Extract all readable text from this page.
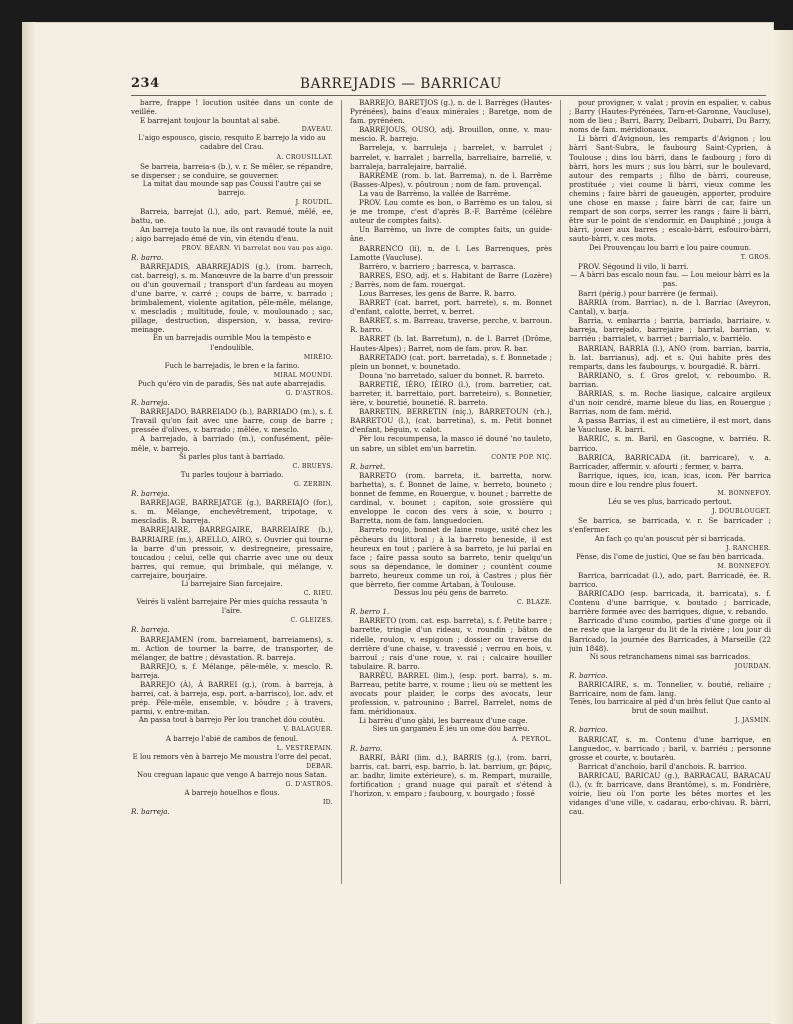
234	BARREJADIS — BARRICAU

barre, frappe ! locution usitée dans un conte de veillée.

E barrejant toujour la bountat al sabé.

DAVEAU.

L'aigo espousco, giscio, resquito E barrejo la vido au cadabre del Crau.

A. CROUSILLAT.

Se barreia, barreia-s (b.), v. r. Se mêler, se répandre, se disperser ; se conduire, se gouverner.

La mitat dau mounde sap pas Coussi l'autre çai se barrejo.

J. ROUDIL.

Barreia, barrejat (l.), ado, part. Remué, mêlé, ee, battu, ue.

An barreja touto la nue, ils ont ravaudé toute la nuit ; aigo barrejado émé de vin, vin étendu d'eau.

PROV. BÉARN. Vi barrelat nou vau pas aigo.

R. barro.

BARREJADIS, ABARREJADIS (g.), (rom. barrech, cat. barreig), s. m. Manœuvre de la barre d'un pressoir ou d'un gouvernail ; transport d'un fardeau au moyen d'une barre, v. carré ; coups de barre, v. barrado ; brimbalement, violente agitation, pêle-mêle, mélange, v. mescladis ; multitude, foule, v. moulounado ; sac, pillage, destruction, dispersion, v. bassa, reviro-meinage.

En un barrejadis ourrible Mou la tempèsto e l'endoulible.

MIRÈIO.

Fuch le barrejadis, le bren e la farino.

MIRAL MOUNDI.

Puch qu'éro vin de paradis, Sès nat aute abarrejadis.

G. D'ASTROS.

R. barreja.

BARREJADO, BARREIADO (b.), BARRIADO (m.), s. f. Travail qu'on fait avec une barre, coup de barre ; pressée d'olives, v. barrado ; mêlée, v. mesclo.

A barrejado, à barriado (m.), confusément, pêle-mêle, v. barrejo.

Si parles plus tant à barriado.

C. BRUEYS.

Tu parles toujour à barriado.

G. ZERBIN.

R. barreja.

BARREJAGE, BARREJATGE (g.), BARREIAJO (for.), s. m. Mélange, enchevêtrement, tripotage, v. mescladis. R. barreja.

BARREJAIRE, BARREGAIRE, BARREIAIRE (b.), BARRIAIRE (m.), ARELLO, AIRO, s. Ouvrier qui tourne la barre d'un pressoir, v. destregneire, pressaire, toucadou ; celui, celle qui charrie avec une ou deux barres, qui remue, qui brimbale, qui mélange, v. carrejaire, bourjaire.

Li barrejaire Sian farcejaire.

C. RIEU.

Veirés li valènt barrejaire Pèr mies quicha ressauta 'n l'aire.

C. GLEIZES.

R. barreja.

BARREJAMEN (rom. barreiament, barreiamens), s. m. Action de tourner la barre, de transporter, de mélanger, de battre ; dévastation. R. barreja.

BARREJO, s. f. Mélange, pêle-mêle, v. mesclo. R. barreja.

BARREJO (À), À BARREI (g.), (rom. à barreja, à barrei, cat. à barreja, esp. port. a-barrisco), loc. adv. et prép. Pêle-mêle, ensemble, v. bôudre ; à travers, parmi, v. entre-mitan.

An passa tout à barrejo Pèr lou tranchet dóu coutèu.

V. BALAGUER.

A barrejo l'abié de cambos de fenoul.

L. VESTREPAIN.

E lou remors vèn à barrejo Me moustra l'orre del pecat.

DEBAR.

Nou creguan lapauc que vengo A barrejo nous Satan.

G. D'ASTROS.

A barrejo houelhos e flous.

ID.

R. barreja.

BARREJO, BARETJOS (g.), n. de l. Barrèges (Hautes-Pyrénées), bains d'eaux minérales ; Baretge, nom de fam. pyrénéen.

BARREJOUS, OUSO, adj. Brouillon, onne, v. mau-mescio. R. barrejo.

Barreleja, v. barruleja ; barrelet, v. barrulet ; barrelet, v. barralet ; barrella, barreliaire, barrelié, v. barraleja, barralejaire, barralié.

BARRÈME (rom. b. lat. Barrema), n. de l. Barrême (Basses-Alpes), v. pôutroun ; nom de fam. provençal.

La vau de Barrèmo, la vallée de Barrême.

PROV. Lou comte es bon, o Barrèmo es un talou, si je me trompe, c'est d'après B.-F. Barrême (célèbre auteur de comptes faits).

Un Barrèmo, un livre de comptes faits, un guide-âne.

BARRENCO (li), n. de l. Les Barrenques, près Lamotte (Vaucluse).

Barrèro, v. barriero ; barresca, v. barrasca.

BARRES, ESO, adj. et s. Habitant de Barre (Lozère) ; Barrès, nom de fam. rouergat.

Lous Barreses, les gens de Barre. R. barro.

BARRET (cat. barret, port. barrete), s. m. Bonnet d'enfant, calotte, berret, v. berret.

BARRET, s. m. Barreau, traverse, perche, v. barroun. R. barro.

BARRET (b. lat. Barretum), n. de l. Barret (Drôme, Hautes-Alpes) ; Barret, nom de fam. prov. R. bar.

BARRETADO (cat. port. barretada), s. f. Bonnetade ; plein un bonnet, v. bounetado.

Douna 'no barretado, saluer du bonnet. R. barreto.

BARRETIÉ, IÈRO, IÈIRO (l.), (rom. barretier, cat. barreter, it. barrettaio, port. barreteiro), s. Bonnetier, ière, v. bouretié, bounetié. R. barreto.

BARRETIN, BERRETIN (niç.), BARRETOUN (rh.), BARRETOU (l.), (cat. barretina), s. m. Petit bonnet d'enfant, béguin, v. calot.

Pèr lou recoumpensa, la masco ié douné 'no tauleto, un sabre, un siblet em'un barretin.

CONTE POP. NIÇ.

R. barret.

BARRETO (rom. barreta, it. barretta, norw. barhetta), s. f. Bonnet de laine, v. berreto, bouneto ; bonnet de femme, en Rouergue, v. bounet ; barrette de cardinal, v. bounet ; capiton, soie grossière qui enveloppe le cocon des vers à soie, v. bourro ; Barretta, nom de fam. languedocien.

Barreto roujo, bonnet de laine rouge, usité chez les pêcheurs du littoral ; à la barreto beneside, il est heureux en tout ; parlère à sa barreto, je lui parlai en face ; faire passa souto sa barreto, tenir quelqu'un sous sa dépendance, le dominer ; countènt coume barreto, heureux comme un roi, à Castres ; plus fièr que bèrreto, fier comme Artaban, à Toulouse.

Dessus lou péu gens de barreto.

C. BLAZE.

R. berro 1.

BARRETO (rom. cat. esp. barreta), s. f. Petite barre ; barrette, tringle d'un rideau, v. roundin ; bâton de ridelle, roulon, v. espigoun ; dossier ou traverse du derrière d'une chaise, v. travessié ; verrou en bois, v. barrouï ; rais d'une roue, v. rai ; calcaire houiller tabulaire. R. barro.

BARRÈU, BARREL (lim.), (esp. port. barra), s. m. Barreau, petite barre, v. roume ; lieu où se mettent les avocats pour plaider, le corps des avocats, leur profession, v. patrounino ; Barrel, Barrelet, noms de fam. méridionaux.

Li barrèu d'uno gàbi, les barreaux d'une cage.

Sies un gargamèu E iéu un ome dóu barrèu.

A. PEYROL.

R. barro.

BARRI, BÀRI (lim. d.), BARRIS (g.), (rom. barri, barris, cat. barri, esp. barrio, b. lat. barrium, gr. βάρις, ar. badhr, limite extérieure), s. m. Rempart, muraille, fortification ; grand nuage qui paraît et s'étend à l'horizon, v. emparo ; faubourg, v. bourgado ; fossé

pour provigner, v. valat ; provin en espalier, v. cabus ; Barry (Hautes-Pyrénées, Tarn-et-Garonne, Vaucluse), nom de lieu ; Barri, Barry, Delbarri, Dubarri, Du Barry, noms de fam. méridionaux.

Li bàrri d'Avignoun, les remparts d'Avignon ; lou bàrri Sant-Subra, le faubourg Saint-Cyprien, à Toulouse ; dins lou bàrri, dans le faubourg ; foro di bàrri, hors les murs ; sus lou bàrri, sur le boulevard, autour des remparts ; filho de bàrri, coureuse, prostituée ; viei coume li bàrri, vieux comme les chemins ; faire bàrri de gaueugèn, apporter, produire une chose en masse ; faire bàrri de car, faire un rempart de son corps, serrer les rangs ; faire li bàrri, être sur le point de s'endormir, en Dauphiné ; jouga à bàrri, jouer aux barres ; escalo-bàrri, esfouiro-bàrri, sauto-bàrri, v. ces mots.

Dei Prouvençau lou barri e lou paire coumun.

T. GROS.

PROV. Ségound li vilo, li barri.

— A bàrri bas escalo noun fau. — Lou meiour bàrri es la pas.

Barri (périg.) pour barrère (je fermai).

BARRIA (rom. Barriac), n. de l. Barriac (Aveyron, Cantal), v. barja.

Barria, v. embarria ; barria, barriado, barriaire, v. barreja, barrejado, barrejaire ; barrial, barrian, v. barriéu ; barrialet, v. barriet ; barrialo, v. barrièlo.

BARRIAN, BARRIA (l.), ANO (rom. barrian, barria, b. lat. barrianus), adj. et s. Qui habite près des remparts, dans les faubourgs, v. bourgadié. R. bàrri.

BARRIANO, s. f. Gros grelot, v. reboumbo. R. barrian.

BARRIAS, s. m. Roche liasique, calcaire argileux d'un noir cendré, marne bleue du lias, en Rouergue ; Barrias, nom de fam. mérid.

A passa Barrias, il est au cimetière, il est mort, dans le Vaucluse. R. barri.

BARRIC, s. m. Baril, en Gascogne, v. barriéu. R. barrico.

BARRICA, BARRICADA (it. barricare), v. a. Barricader, affermir, v. afourti ; fermer, v. barra.

Barrique, iques, ico, ican, icas, icon. Pèr barrica moun dire e lou rendre plus fouert.

M. BONNEFOY.

Léu se ves plus, barricado pertout.

J. DOUBLOUGET.

Se barrica, se barricada, v. r. Se barricader ; s'enfermer.

An fach ço qu'an pouscut pèr si barricada.

J. RANCHER.

Pènse, dis l'ome de justici, Que se fau bèn barricada.

M. BONNEFOY.

Barrica, barricadat (l.), ado, part. Barricadé, ée. R. barrico.

BARRICADO (esp. barricada, it. barricata), s. f. Contenu d'une barrique, v. boutado ; barricade, barrière formée avec des barriques, digue, v. rebando.

Barricado d'uno coumbo, parties d'une gorge où il ne reste que la largeur du lit de la rivière ; lou jour di Barricado, la journée des Barricades, à Marseille (22 juin 1848).

Ni sous retranchamens nimai sas barricados.

JOURDAN.

R. barrico.

BARRICAIRE, s. m. Tonnelier, v. boutié, reliaire ; Barricaire, nom de fam. lang.

Tenès, lou barricaire al pèd d'un brès fellut Que canto al brut de soun mailhut.

J. JASMIN.

R. barrico.

BARRICAT, s. m. Contenu d'une barrique, en Languedoc, v. barricado ; baril, v. barriéu ; personne grosse et courte, v. boutarèu.

Barricat d'anchoio, baril d'anchois. R. barrico.

BARRICAU, BARICAU (g.), BARRACAU, BARACAU (l.), (v. fr. barricave, dans Brantôme), s. m. Fondrière, voirie, lieu où l'on porte les bêtes mortes et les vidanges d'une ville, v. cadarau, erbo-chivau. R. bàrri, cau.
